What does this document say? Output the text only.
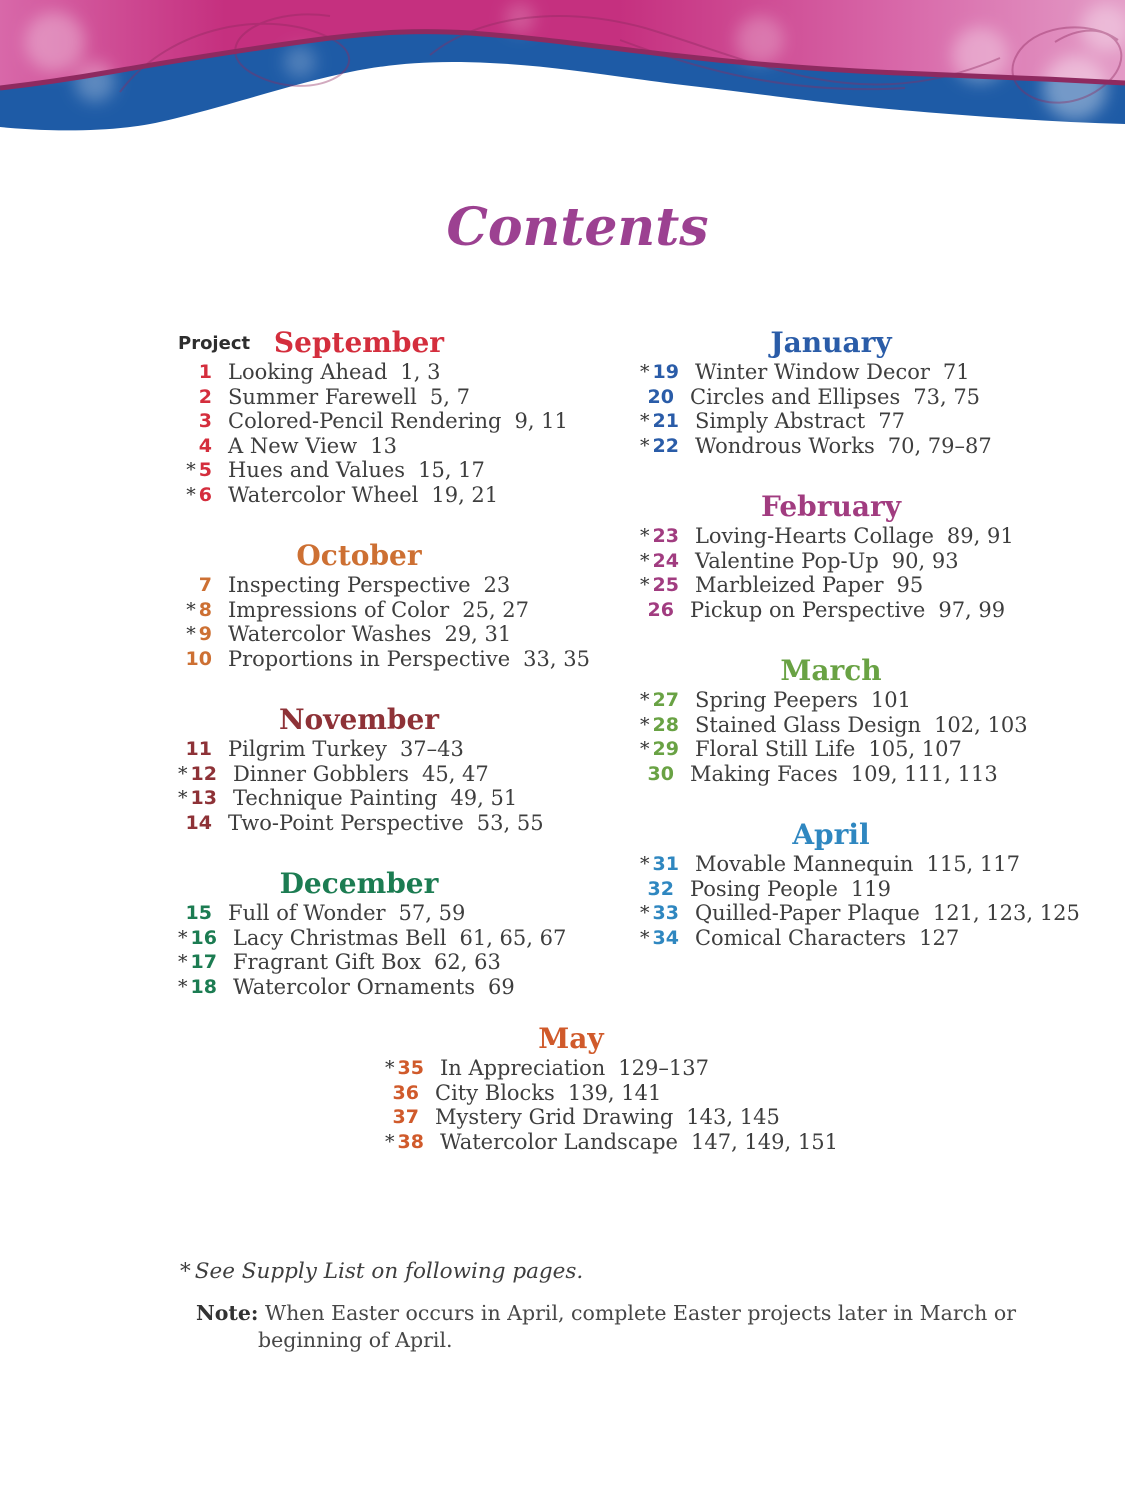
Contents
Project September
1 Looking Ahead 1, 3
2 Summer Farewell 5, 7
3 Colored-Pencil Rendering 9, 11
4 A New View 13
* 5 Hues and Values 15, 17
* 6 Watercolor Wheel 19, 21
October
7 Inspecting Perspective 23
* 8 Impressions of Color 25, 27
* 9 Watercolor Washes 29, 31
10 Proportions in Perspective 33, 35
November
11 Pilgrim Turkey 37–43
* 12 Dinner Gobblers 45, 47
* 13 Technique Painting 49, 51
14 Two-Point Perspective 53, 55
December
15 Full of Wonder 57, 59
* 16 Lacy Christmas Bell 61, 65, 67
* 17 Fragrant Gift Box 62, 63
* 18 Watercolor Ornaments 69
January
* 19 Winter Window Decor 71
20 Circles and Ellipses 73, 75
* 21 Simply Abstract 77
* 22 Wondrous Works 70, 79–87
February
* 23 Loving-Hearts Collage 89, 91
* 24 Valentine Pop-Up 90, 93
* 25 Marbleized Paper 95
26 Pickup on Perspective 97, 99
March
* 27 Spring Peepers 101
* 28 Stained Glass Design 102, 103
* 29 Floral Still Life 105, 107
30 Making Faces 109, 111, 113
April
* 31 Movable Mannequin 115, 117
32 Posing People 119
* 33 Quilled-Paper Plaque 121, 123, 125
* 34 Comical Characters 127
May
* 35 In Appreciation 129–137
36 City Blocks 139, 141
37 Mystery Grid Drawing 143, 145
* 38 Watercolor Landscape 147, 149, 151

* See Supply List on following pages.

Note: When Easter occurs in April, complete Easter projects later in March or beginning of April.
